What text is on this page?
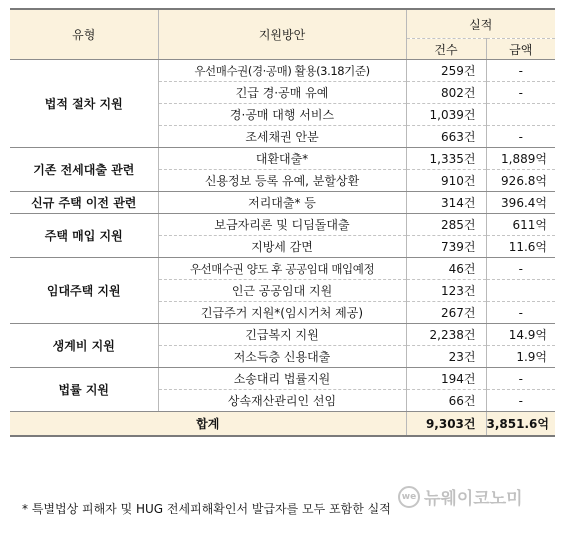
유형	지원방안	실적	
		건수	금액
법적 절차 지원	우선매수권(경·공매) 활용(3.18기준)	259건	-
	긴급 경·공매 유예	802건	-
	경·공매 대행 서비스	1,039건	
	조세채권 안분	663건	-
기존 전세대출 관련	대환대출*	1,335건	1,889억
	신용정보 등록 유예, 분할상환	910건	926.8억
신규 주택 이전 관련	저리대출* 등	314건	396.4억
주택 매입 지원	보금자리론 및 디딤돌대출	285건	611억
	지방세 감면	739건	11.6억
임대주택 지원	우선매수권 양도 후 공공임대 매입예정	46건	-
	인근 공공임대 지원	123건	
	긴급주거 지원*(임시거처 제공)	267건	-
생계비 지원	긴급복지 지원	2,238건	14.9억
	저소득층 신용대출	23건	1.9억
법률 지원	소송대리 법률지원	194건	-
	상속재산관리인 선임	66건	-
합계		9,303건	3,851.6억
* 특별법상 피해자 및 HUG 전세피해확인서 발급자를 모두 포함한 실적
we 뉴웨이코노미
